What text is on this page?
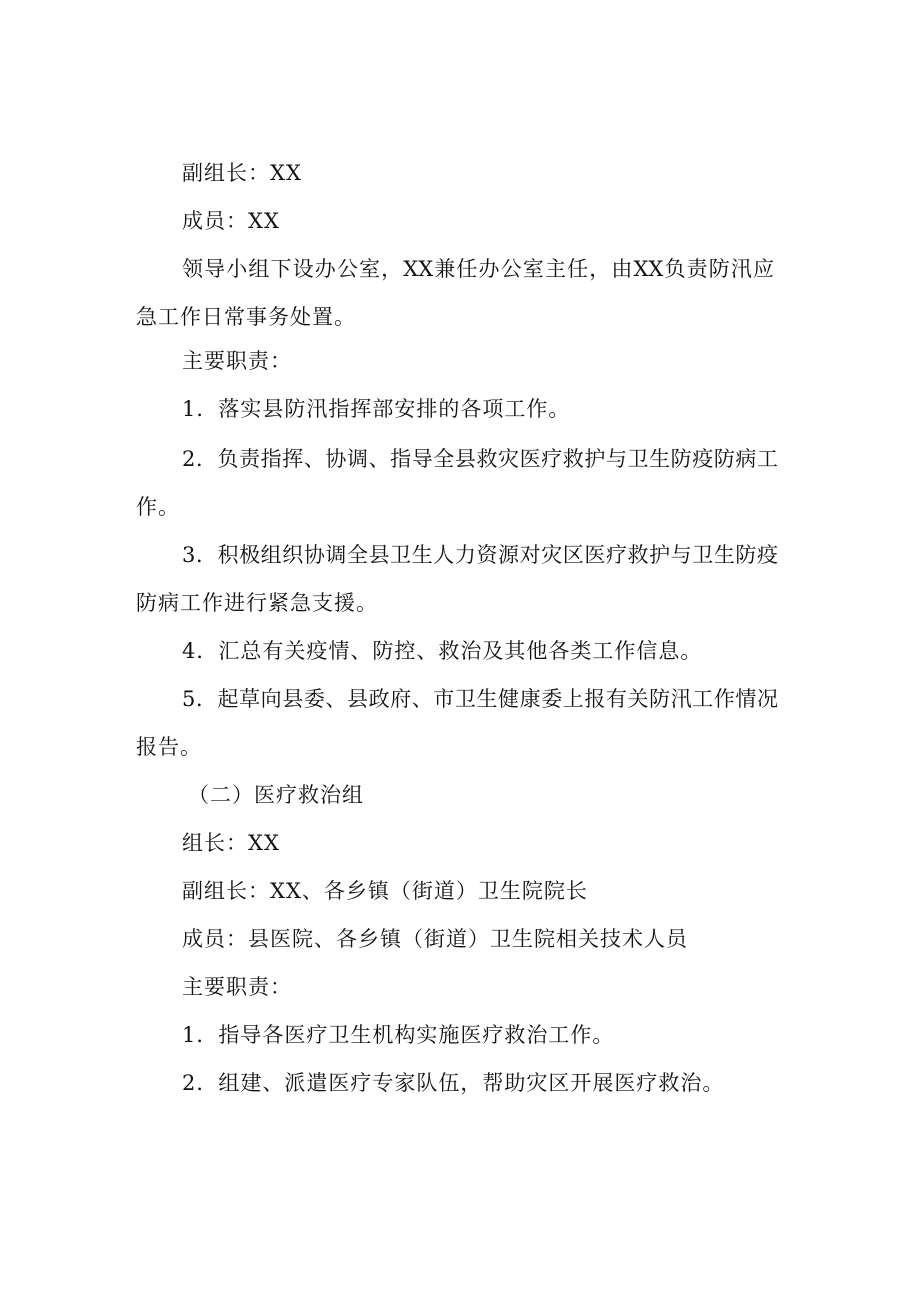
副组长：XX
成员：XX
领导小组下设办公室，XX兼任办公室主任，由XX负责防汛应
急工作日常事务处置。
主要职责：
1．落实县防汛指挥部安排的各项工作。
2．负责指挥、协调、指导全县救灾医疗救护与卫生防疫防病工
作。
3．积极组织协调全县卫生人力资源对灾区医疗救护与卫生防疫
防病工作进行紧急支援。
4．汇总有关疫情、防控、救治及其他各类工作信息。
5．起草向县委、县政府、市卫生健康委上报有关防汛工作情况
报告。
（二）医疗救治组
组长：XX
副组长：XX、各乡镇（街道）卫生院院长
成员：县医院、各乡镇（街道）卫生院相关技术人员
主要职责：
1．指导各医疗卫生机构实施医疗救治工作。
2．组建、派遣医疗专家队伍，帮助灾区开展医疗救治。
